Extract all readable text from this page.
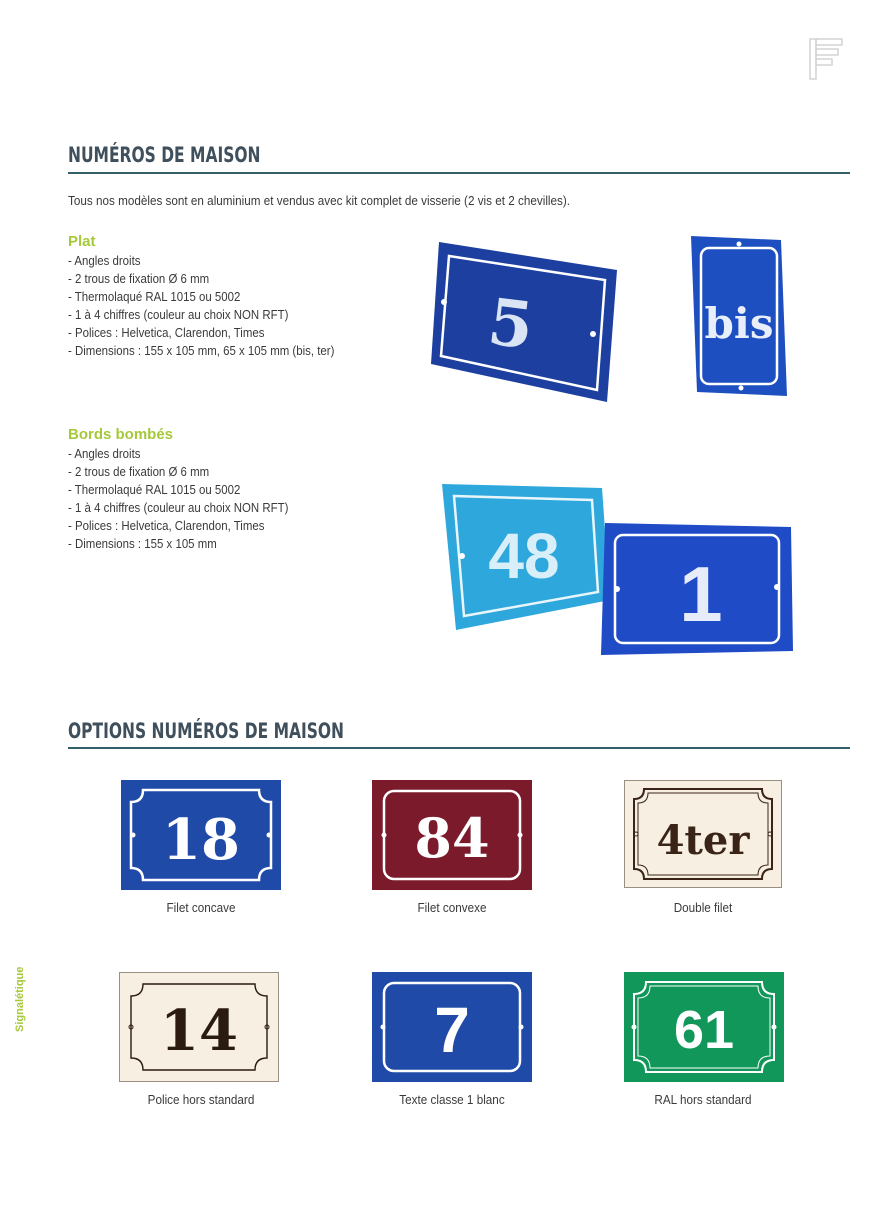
NUMÉROS DE MAISON
Tous nos modèles sont en aluminium et vendus avec kit complet de visserie (2 vis et 2 chevilles).
Plat
- Angles droits
- 2 trous de fixation Ø 6 mm
- Thermolaqué RAL 1015 ou 5002
- 1 à 4 chiffres (couleur au choix NON RFT)
- Polices : Helvetica, Clarendon, Times
- Dimensions : 155 x 105 mm, 65 x 105 mm (bis, ter) 5	bis
Bords bombés
- Angles droits
- 2 trous de fixation Ø 6 mm
- Thermolaqué RAL 1015 ou 5002
- 1 à 4 chiffres (couleur au choix NON RFT)
- Polices : Helvetica, Clarendon, Times
- Dimensions : 155 x 105 mm	48 1
OPTIONS NUMÉROS DE MAISON
18
Filet concave
84
Filet convexe
4ter
Double filet
14
Police hors standard
7
Texte classe 1 blanc
61
RAL hors standard
Signalétique
